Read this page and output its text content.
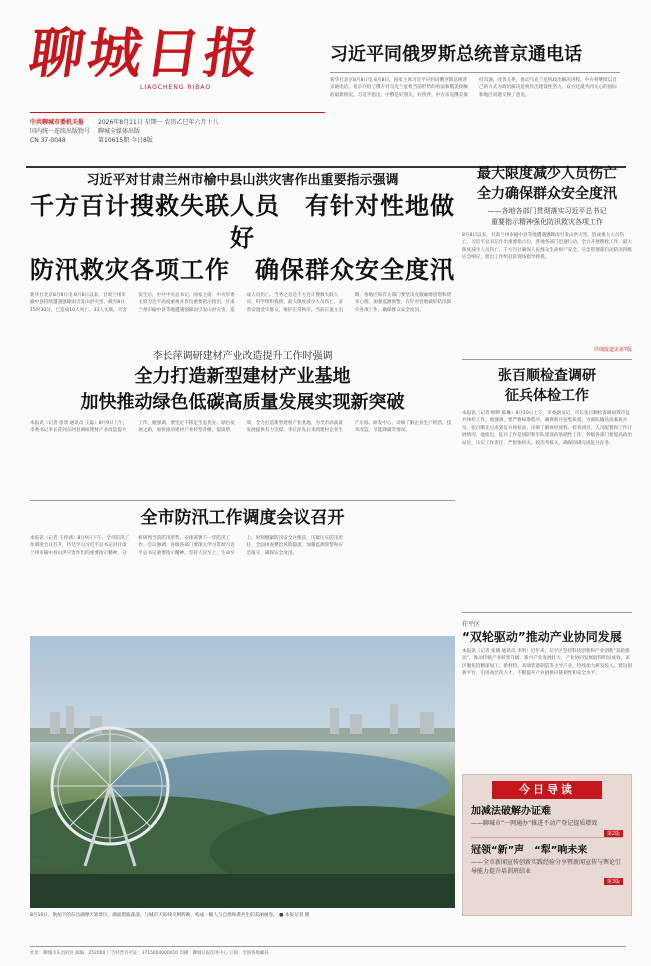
聊城日报
LIAOCHENG RIBAO
中共聊城市委机关报
国内统一连续出版物号
CN 37-0048
2026年8月11日 星期一 农历乙巳年六月十八
聊城全媒体出版
第10615期 今日8版
习近平同俄罗斯总统普京通电话
新华社北京8月8日电 8月8日，国家主席习近平应约同俄罗斯总统普京通电话。普京介绍了俄方对乌克兰危机当前形势的看法和俄美接触的最新情况。习近平指出，中俄是好朋友、好伙伴。中方乐见俄美保持沟通，改善关系，推动乌克兰危机政治解决进程。中方将继续以自己的方式为政治解决危机作出建设性努力。双方还就共同关心的国际和地区问题交换了意见。
习近平对甘肃兰州市榆中县山洪灾害作出重要指示强调
千方百计搜救失联人员　有针对性地做好
防汛救灾各项工作　确保群众安全度汛
新华社北京8月8日电 8月8日以来，甘肃兰州市榆中县持续遭遇强降雨引发山洪灾害，截至8日15时30分，已造成10人死亡、33人失联。灾害发生后，中共中央总书记、国家主席、中央军委主席习近平高度重视并作出重要指示指出，甘肃兰州市榆中县等地遭遇强降雨引发山洪灾害，造成人员伤亡。当务之急是千方百计搜救失联人员，科学组织救援，最大限度减少人员伤亡，妥善安置受灾群众，维护正常秩序。当前正值主汛期，各地区和有关部门要坚决克服麻痹思想和侥幸心理，加强监测预警，有针对性地做好防汛救灾各项工作，确保群众安全度汛。
最大限度减少人员伤亡
全力确保群众安全度汛
——各地各部门贯彻落实习近平总书记
重要指示精神强化防汛救灾各项工作
8月8日以来，甘肃兰州市榆中县等地遭遇强降雨引发山洪灾害，造成重大人员伤亡。习近平总书记作出重要指示后，各地各部门迅速行动，全力开展搜救工作，最大限度减少人员伤亡，千方百计确保人民群众生命财产安全。应急管理部启动防汛四级应急响应，派出工作组赶赴现场指导救援。
详细报道见第7版
张百顺检查调研
征兵体检工作
本报讯（记者 柳婷 陈琳）8月10日上午，市委副书记、市长张百顺检查调研我市征兵体检工作。他强调，要严格标准程序，确保新兵征集质量，为部队输送高素质兵员。张百顺先后来到征兵体检站，详细了解体检流程、检查项目、人员配置和工作开展情况。他指出，征兵工作是国防和军队建设的基础性工作，各级各部门要提高政治站位，压实工作责任，严把体检关、政治考核关，确保圆满完成征兵任务。
茌平区
“双轮驱动”推动产业协同发展
本报讯（记者 张晓 通讯员 李明）近年来，茌平区坚持科技创新和产业创新“双轮驱动”，推动传统产业转型升级、新兴产业发展壮大，产业协同发展取得明显成效。该区聚焦铝精深加工、新材料、高端装备制造等主导产业，持续加大研发投入，建设创新平台，引进高层次人才，不断提升产业链供应链韧性和安全水平。
李长萍调研建材产业改造提升工作时强调
全力打造新型建材产业基地
加快推动绿色低碳高质量发展实现新突破
本报讯（记者 张景 通讯员 王磊）8月9日上午，市委书记李长萍到东阿县调研建材产业改造提升工作。她强调，要坚定不移走生态优先、绿色发展之路，加快推动建材产业转型升级、提质增效，全力打造新型建材产业基地，为全市高质量发展提供有力支撑。李长萍先后来到建材企业生产车间、研发中心，详细了解企业生产经营、技术改造、节能降碳等情况。
全市防汛工作调度会议召开
本报讯（记者 王梓涵）8月9日下午，全市防汛工作调度会议召开，传达学习习近平总书记对甘肃兰州市榆中县山洪灾害作出的重要指示精神，分析研判当前防汛形势，安排部署下一步防汛工作。会议强调，各级各部门要深入学习贯彻习近平总书记重要指示精神，坚持人民至上、生命至上，时刻绷紧防汛安全这根弦，压紧压实防汛责任，全面排查整治风险隐患，加强监测预警和应急值守，确保安全度汛。
8月10日，航拍下的东昌湖摩天轮景区，湖面碧波荡漾，与城市天际线交相辉映，构成一幅人与自然和谐共生的美丽画卷。 ■ 本报记者 摄
今日导读
加减法破解办证难
——聊城市“一网通办”推进不动产登记提质增效
第2版
冠领“新”声　“犁”响未来
——全市新闻宣传创新实践经验分享暨新闻宣传与舆论引导能力提升培训班结业
第3版
社址：聊城市东昌府区 邮编：252000 广告经营许可证：3715004000010 印刷：聊城日报印务中心 订阅：全国各地邮局
